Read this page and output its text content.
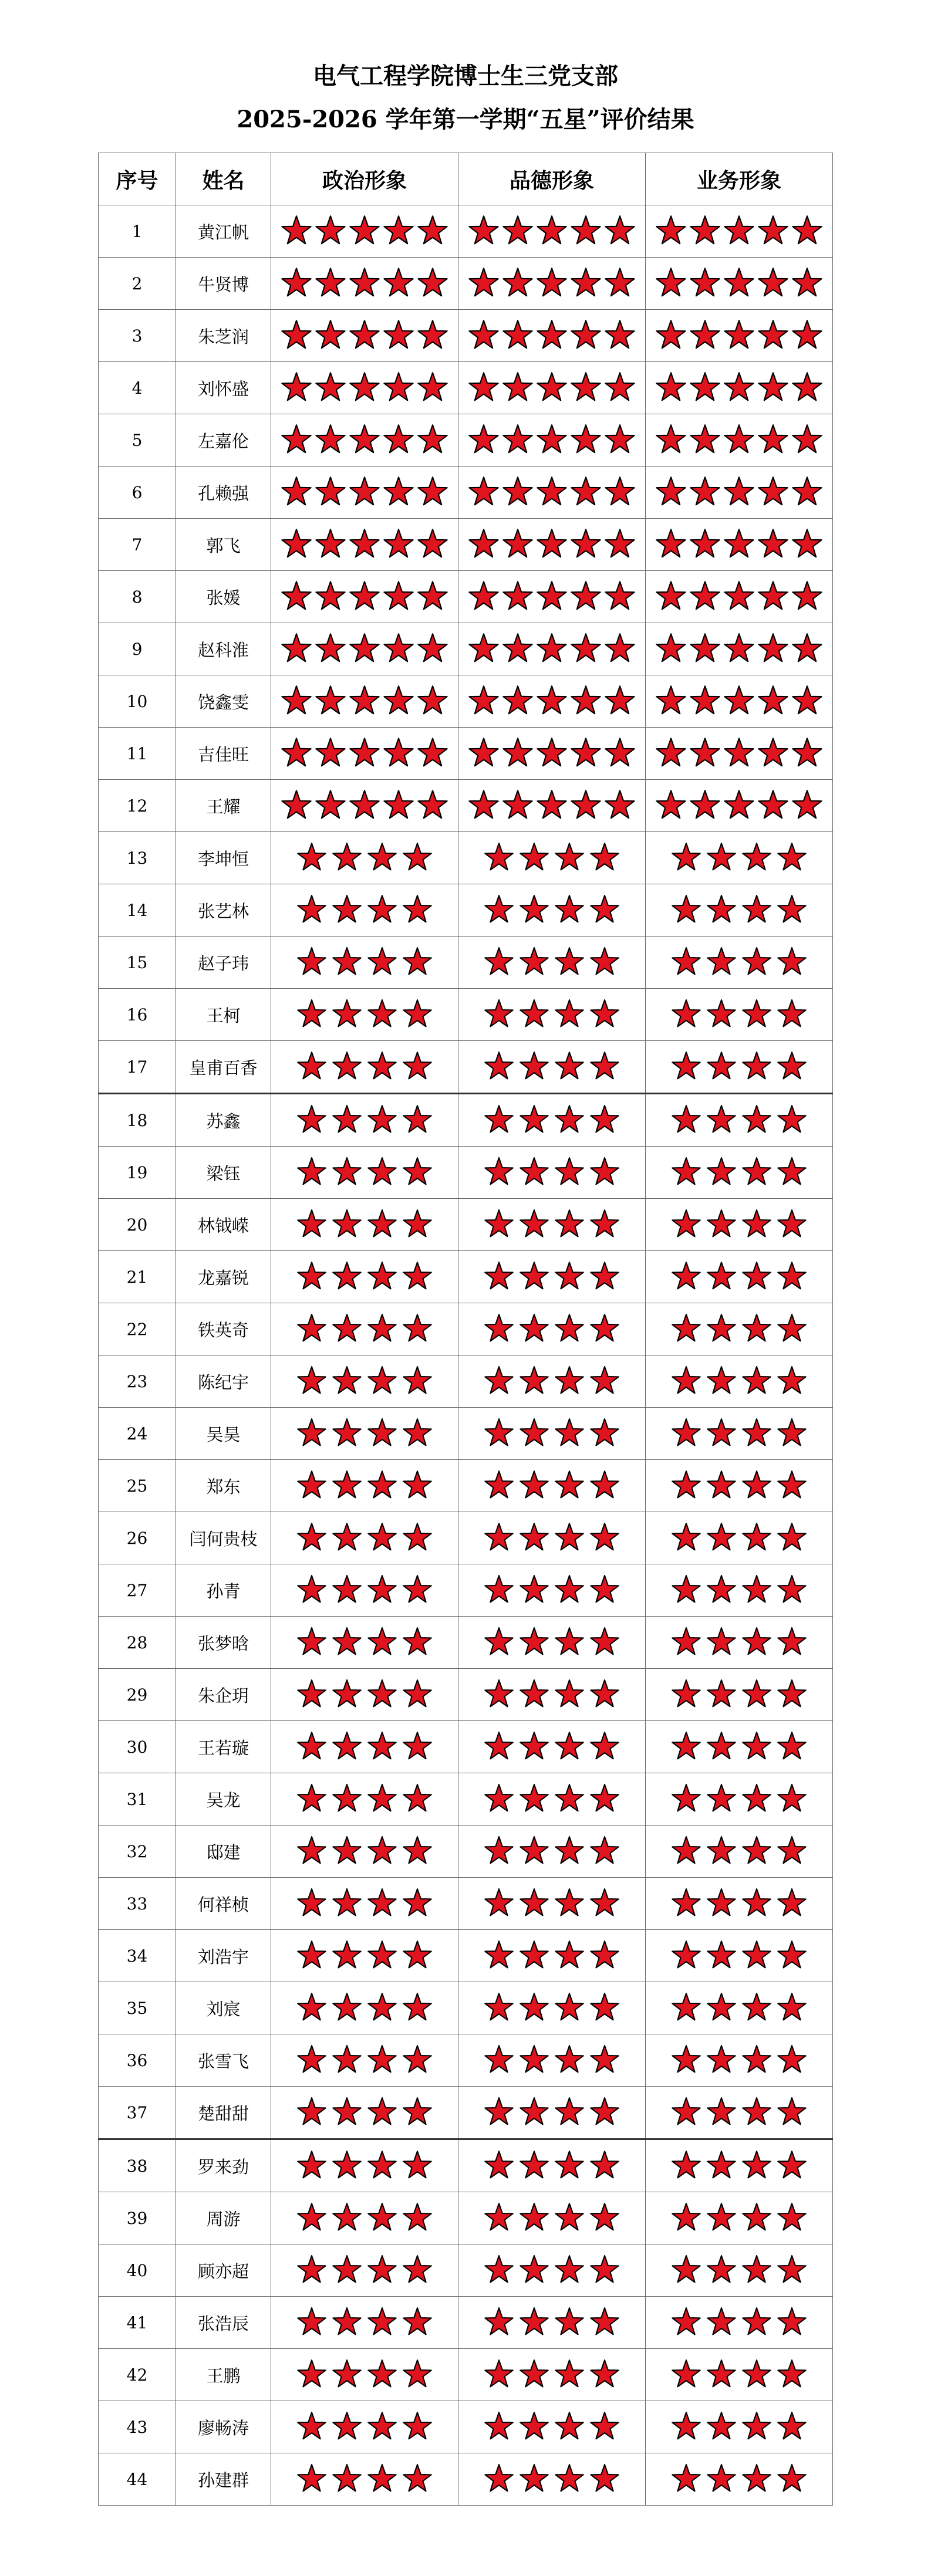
电气工程学院博士生三党支部
2025-2026 学年第一学期“五星”评价结果
序号	姓名	政治形象	品德形象	业务形象
1	黄江帆	

2	牛贤博	

3	朱芝润	

4	刘怀盛	

5	左嘉伦	

6	孔赖强	

7	郭飞	

8	张媛	

9	赵科淮	

10	饶鑫雯	

11	吉佳旺	

12	王耀	

13	李坤恒	

14	张艺林	

15	赵子玮	

16	王柯	

17	皇甫百香	

18	苏鑫	

19	梁钰	

20	林钺嵘	

21	龙嘉锐	

22	铁英奇	

23	陈纪宇	

24	吴昊	

25	郑东	

26	闫何贵枝	

27	孙青	

28	张梦晗	

29	朱企玥	

30	王若璇	

31	吴龙	

32	邸建	

33	何祥桢	

34	刘浩宇	

35	刘宸	

36	张雪飞	

37	楚甜甜	

38	罗来劲	

39	周游	

40	顾亦超	

41	张浩辰	

42	王鹏	

43	廖畅涛	

44	孙建群	
